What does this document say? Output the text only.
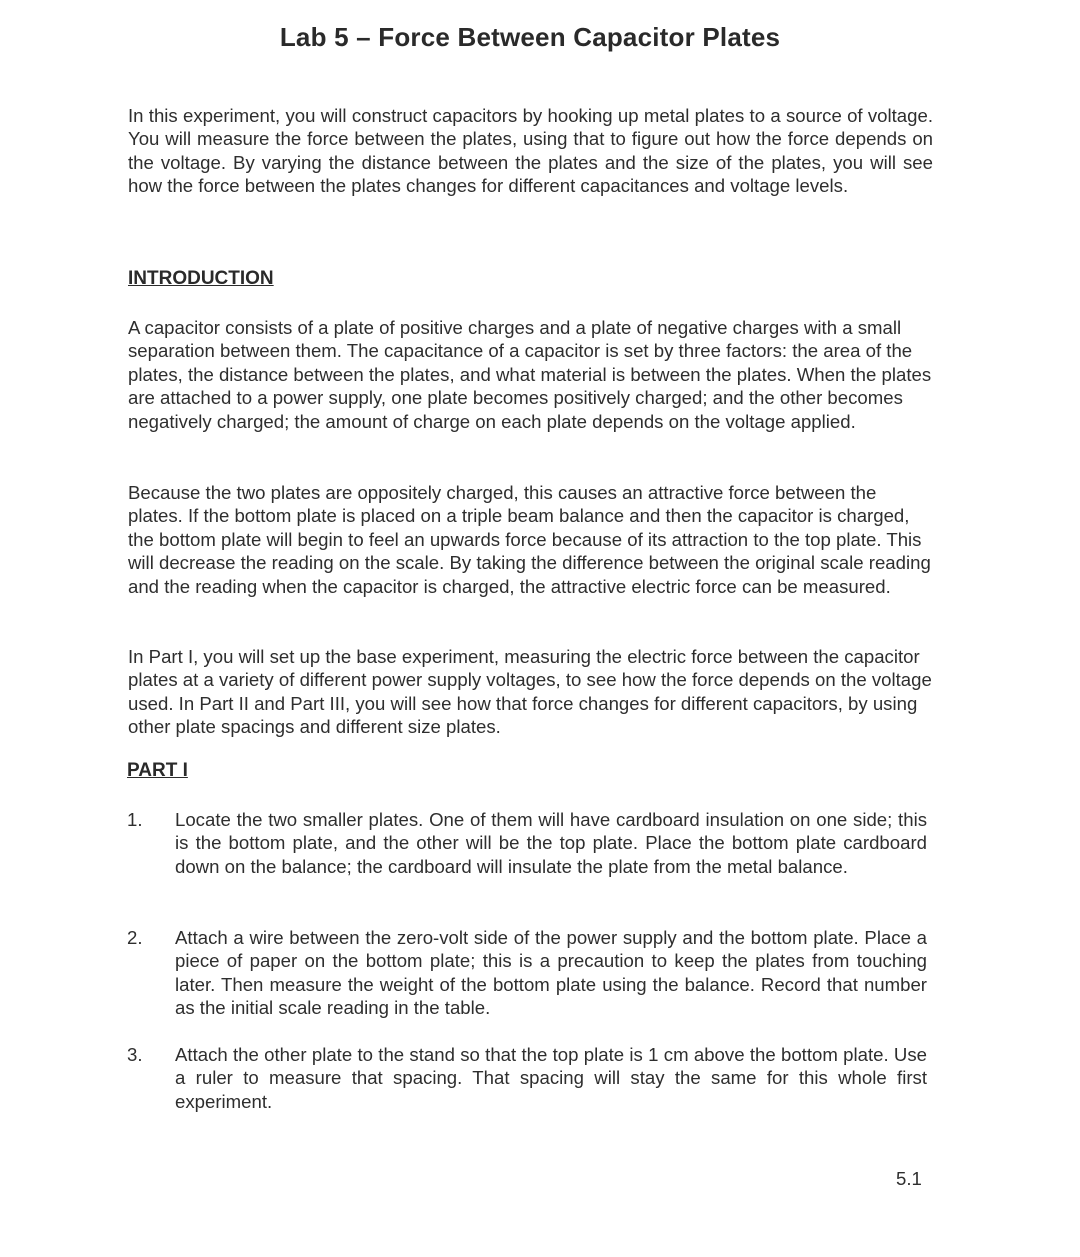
Lab 5 – Force Between Capacitor Plates

In this experiment, you will construct capacitors by hooking up metal plates to a source of voltage. You will measure the force between the plates, using that to figure out how the force depends on the voltage. By varying the distance between the plates and the size of the plates, you will see how the force between the plates changes for different capacitances and voltage levels.

INTRODUCTION

A capacitor consists of a plate of positive charges and a plate of negative charges with a small separation between them. The capacitance of a capacitor is set by three factors: the area of the plates, the distance between the plates, and what material is between the plates. When the plates are attached to a power supply, one plate becomes positively charged; and the other becomes negatively charged; the amount of charge on each plate depends on the voltage applied.

Because the two plates are oppositely charged, this causes an attractive force between the plates. If the bottom plate is placed on a triple beam balance and then the capacitor is charged, the bottom plate will begin to feel an upwards force because of its attraction to the top plate. This will decrease the reading on the scale. By taking the difference between the original scale reading and the reading when the capacitor is charged, the attractive electric force can be measured.

In Part I, you will set up the base experiment, measuring the electric force between the capacitor plates at a variety of different power supply voltages, to see how the force depends on the voltage used. In Part II and Part III, you will see how that force changes for different capacitors, by using other plate spacings and different size plates.

PART I
1. Locate the two smaller plates. One of them will have cardboard insulation on one side; this is the bottom plate, and the other will be the top plate. Place the bottom plate cardboard down on the balance; the cardboard will insulate the plate from the metal balance.

2. Attach a wire between the zero-volt side of the power supply and the bottom plate. Place a piece of paper on the bottom plate; this is a precaution to keep the plates from touching later. Then measure the weight of the bottom plate using the balance. Record that number as the initial scale reading in the table.

3. Attach the other plate to the stand so that the top plate is 1 cm above the bottom plate. Use a ruler to measure that spacing. That spacing will stay the same for this whole first experiment.

5.1
